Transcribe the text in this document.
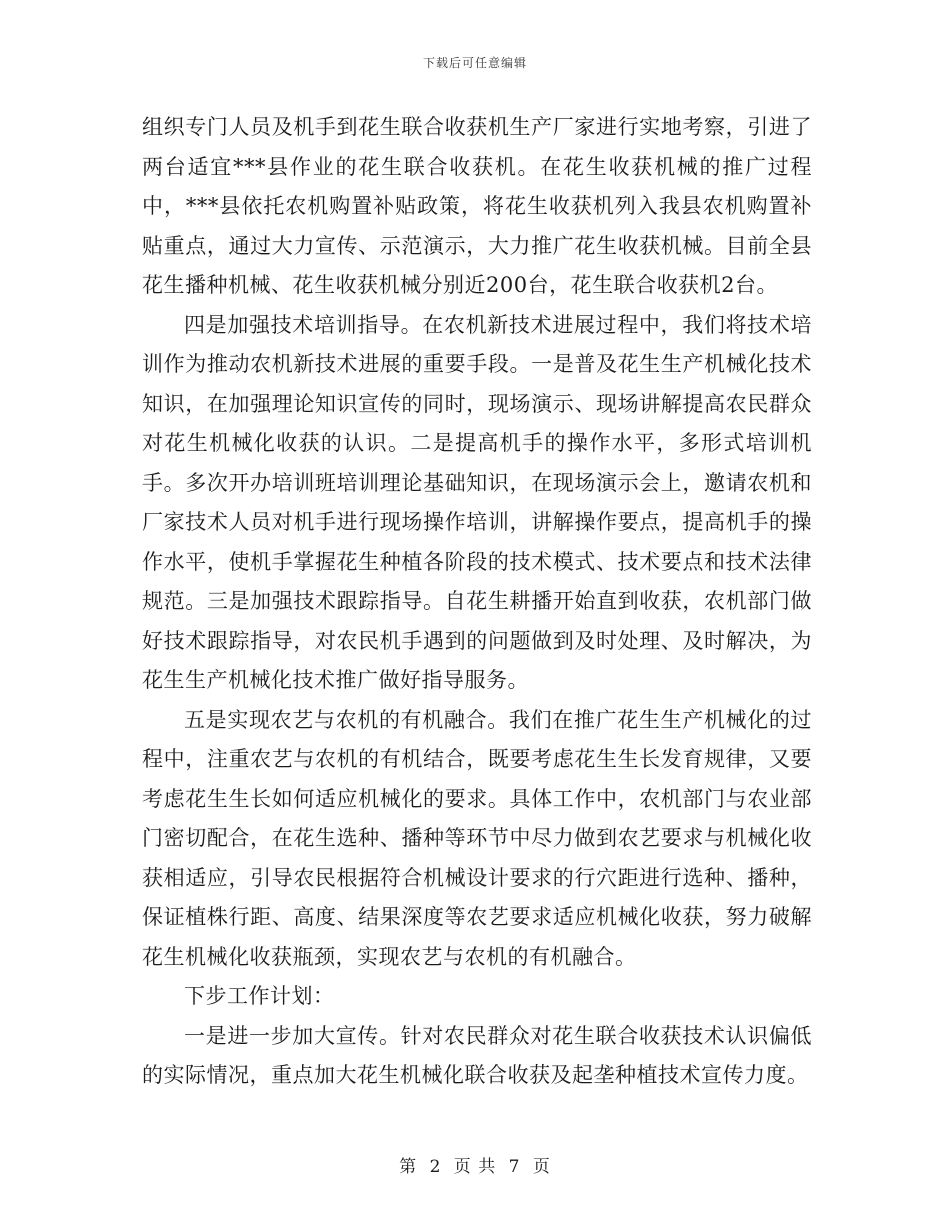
下载后可任意编辑

组织专门人员及机手到花生联合收获机生产厂家进行实地考察，引进了两台适宜***县作业的花生联合收获机。在花生收获机械的推广过程中，***县依托农机购置补贴政策，将花生收获机列入我县农机购置补贴重点，通过大力宣传、示范演示，大力推广花生收获机械。目前全县花生播种机械、花生收获机械分别近200台，花生联合收获机2台。

四是加强技术培训指导。在农机新技术进展过程中，我们将技术培训作为推动农机新技术进展的重要手段。一是普及花生生产机械化技术知识，在加强理论知识宣传的同时，现场演示、现场讲解提高农民群众对花生机械化收获的认识。二是提高机手的操作水平，多形式培训机手。多次开办培训班培训理论基础知识，在现场演示会上，邀请农机和厂家技术人员对机手进行现场操作培训，讲解操作要点，提高机手的操作水平，使机手掌握花生种植各阶段的技术模式、技术要点和技术法律规范。三是加强技术跟踪指导。自花生耕播开始直到收获，农机部门做好技术跟踪指导，对农民机手遇到的问题做到及时处理、及时解决，为花生生产机械化技术推广做好指导服务。

五是实现农艺与农机的有机融合。我们在推广花生生产机械化的过程中，注重农艺与农机的有机结合，既要考虑花生生长发育规律，又要考虑花生生长如何适应机械化的要求。具体工作中，农机部门与农业部门密切配合，在花生选种、播种等环节中尽力做到农艺要求与机械化收获相适应，引导农民根据符合机械设计要求的行穴距进行选种、播种，保证植株行距、高度、结果深度等农艺要求适应机械化收获，努力破解花生机械化收获瓶颈，实现农艺与农机的有机融合。

下步工作计划：

一是进一步加大宣传。针对农民群众对花生联合收获技术认识偏低的实际情况，重点加大花生机械化联合收获及起垄种植技术宣传力度。

第 2 页 共 7 页
